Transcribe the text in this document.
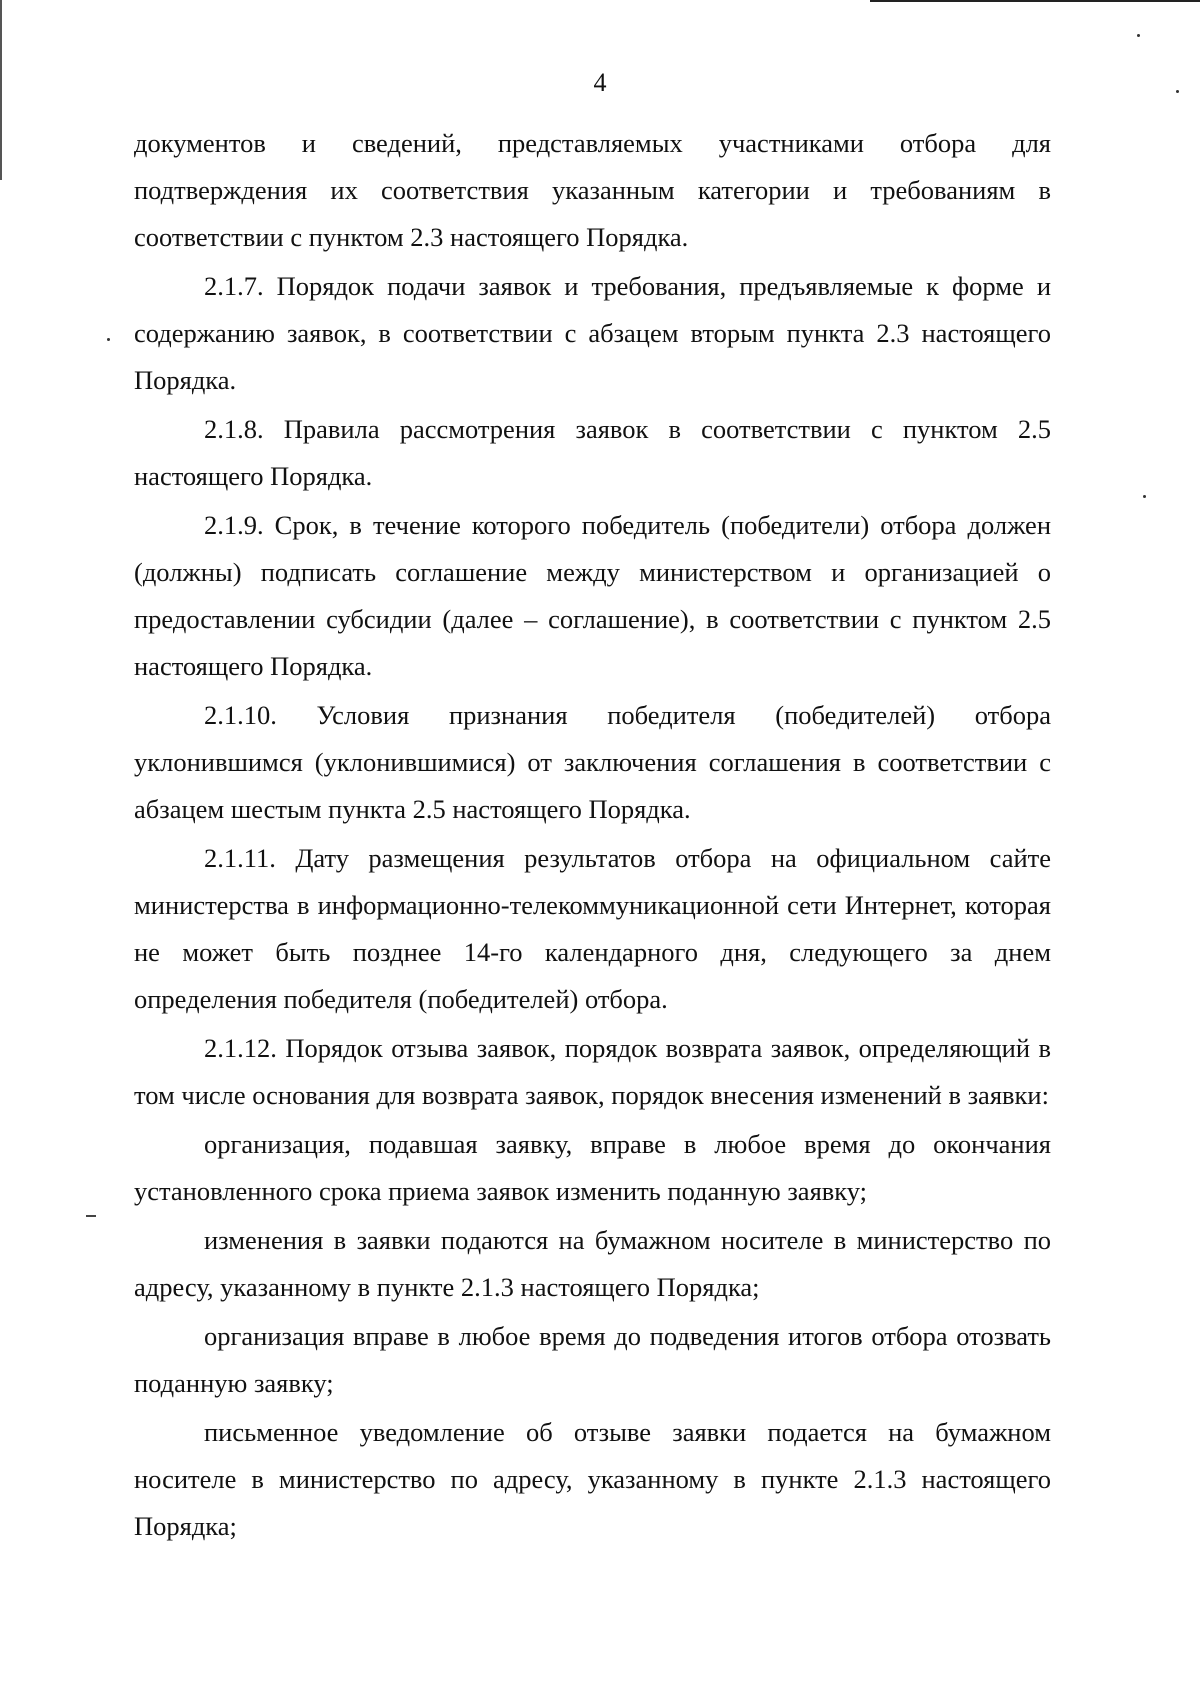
4

документов и сведений, представляемых участниками отбора для подтверждения их соответствия указанным категории и требованиям в соответствии с пунктом 2.3 настоящего Порядка.

2.1.7. Порядок подачи заявок и требования, предъявляемые к форме и содержанию заявок, в соответствии с абзацем вторым пункта 2.3 настоящего Порядка.

2.1.8. Правила рассмотрения заявок в соответствии с пунктом 2.5 настоящего Порядка.

2.1.9. Срок, в течение которого победитель (победители) отбора должен (должны) подписать соглашение между министерством и организацией о предоставлении субсидии (далее – соглашение), в соответствии с пунктом 2.5 настоящего Порядка.

2.1.10. Условия признания победителя (победителей) отбора уклонившимся (уклонившимися) от заключения соглашения в соответствии с абзацем шестым пункта 2.5 настоящего Порядка.

2.1.11. Дату размещения результатов отбора на официальном сайте министерства в информационно-телекоммуникационной сети Интернет, которая не может быть позднее 14-го календарного дня, следующего за днем определения победителя (победителей) отбора.

2.1.12. Порядок отзыва заявок, порядок возврата заявок, определяющий в том числе основания для возврата заявок, порядок внесения изменений в заявки:

организация, подавшая заявку, вправе в любое время до окончания установленного срока приема заявок изменить поданную заявку;

изменения в заявки подаются на бумажном носителе в министерство по адресу, указанному в пункте 2.1.3 настоящего Порядка;

организация вправе в любое время до подведения итогов отбора отозвать поданную заявку;

письменное уведомление об отзыве заявки подается на бумажном носителе в министерство по адресу, указанному в пункте 2.1.3 настоящего Порядка;
